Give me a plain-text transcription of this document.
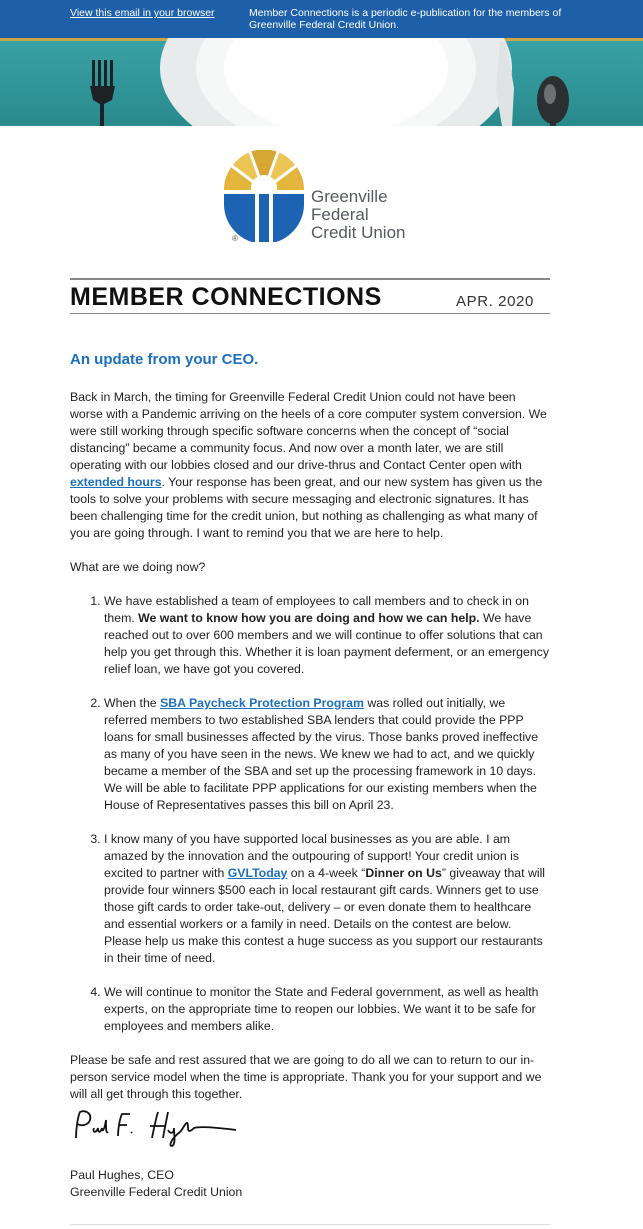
View this email in your browser	Member Connections is a periodic e-publication for the members of Greenville Federal Credit Union.
®
Greenville
Federal
Credit Union
MEMBER CONNECTIONS	APR. 2020
An update from your CEO.

Back in March, the timing for Greenville Federal Credit Union could not have been worse with a Pandemic arriving on the heels of a core computer system conversion. We were still working through specific software concerns when the concept of “social distancing” became a community focus. And now over a month later, we are still operating with our lobbies closed and our drive-thrus and Contact Center open with extended hours. Your response has been great, and our new system has given us the tools to solve your problems with secure messaging and electronic signatures. It has been challenging time for the credit union, but nothing as challenging as what many of you are going through. I want to remind you that we are here to help.

What are we doing now?

1. We have established a team of employees to call members and to check in on them. We want to know how you are doing and how we can help. We have reached out to over 600 members and we will continue to offer solutions that can help you get through this. Whether it is loan payment deferment, or an emergency relief loan, we have got you covered.
2. When the SBA Paycheck Protection Program was rolled out initially, we referred members to two established SBA lenders that could provide the PPP loans for small businesses affected by the virus. Those banks proved ineffective as many of you have seen in the news. We knew we had to act, and we quickly became a member of the SBA and set up the processing framework in 10 days. We will be able to facilitate PPP applications for our existing members when the House of Representatives passes this bill on April 23.
3. I know many of you have supported local businesses as you are able. I am amazed by the innovation and the outpouring of support! Your credit union is excited to partner with GVLToday on a 4-week “Dinner on Us” giveaway that will provide four winners $500 each in local restaurant gift cards. Winners get to use those gift cards to order take-out, delivery – or even donate them to healthcare and essential workers or a family in need. Details on the contest are below. Please help us make this contest a huge success as you support our restaurants in their time of need.
4. We will continue to monitor the State and Federal government, as well as health experts, on the appropriate time to reopen our lobbies. We want it to be safe for employees and members alike.

Please be safe and rest assured that we are going to do all we can to return to our in-person service model when the time is appropriate. Thank you for your support and we will all get through this together.

Paul Hughes, CEO
Greenville Federal Credit Union
